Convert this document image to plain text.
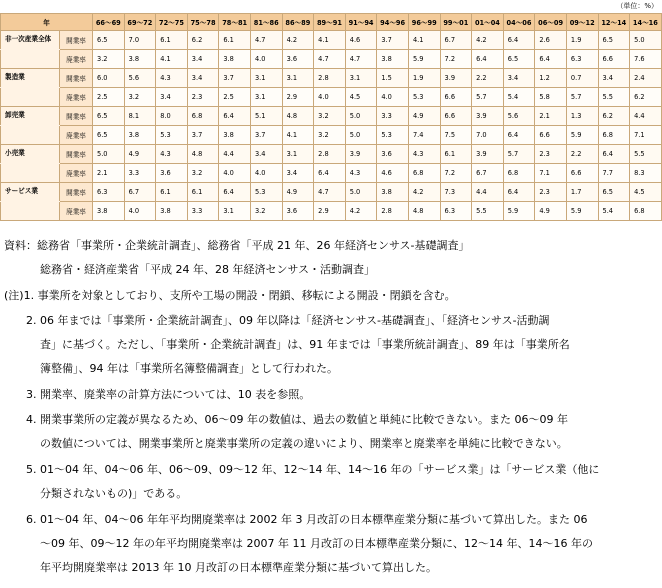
（単位：%）
年		66～69	69～72	72～75	75～78	78～81	81～86	86～89	89～91	91～94	94～96	96～99	99～01	01～04	04～06	06～09	09～12	12～14	14～16
非一次産業全体	開業率	6.5	7.0	6.1	6.2	6.1	4.7	4.2	4.1	4.6	3.7	4.1	6.7	4.2	6.4	2.6	1.9	6.5	5.0
	廃業率	3.2	3.8	4.1	3.4	3.8	4.0	3.6	4.7	4.7	3.8	5.9	7.2	6.4	6.5	6.4	6.3	6.6	7.6
製造業	開業率	6.0	5.6	4.3	3.4	3.7	3.1	3.1	2.8	3.1	1.5	1.9	3.9	2.2	3.4	1.2	0.7	3.4	2.4
	廃業率	2.5	3.2	3.4	2.3	2.5	3.1	2.9	4.0	4.5	4.0	5.3	6.6	5.7	5.4	5.8	5.7	5.5	6.2
卸売業	開業率	6.5	8.1	8.0	6.8	6.4	5.1	4.8	3.2	5.0	3.3	4.9	6.6	3.9	5.6	2.1	1.3	6.2	4.4
	廃業率	6.5	3.8	5.3	3.7	3.8	3.7	4.1	3.2	5.0	5.3	7.4	7.5	7.0	6.4	6.6	5.9	6.8	7.1
小売業	開業率	5.0	4.9	4.3	4.8	4.4	3.4	3.1	2.8	3.9	3.6	4.3	6.1	3.9	5.7	2.3	2.2	6.4	5.5
	廃業率	2.1	3.3	3.6	3.2	4.0	4.0	3.4	6.4	4.3	4.6	6.8	7.2	6.7	6.8	7.1	6.6	7.7	8.3
サービス業	開業率	6.3	6.7	6.1	6.1	6.4	5.3	4.9	4.7	5.0	3.8	4.2	7.3	4.4	6.4	2.3	1.7	6.5	4.5
	廃業率	3.8	4.0	3.8	3.3	3.1	3.2	3.6	2.9	4.2	2.8	4.8	6.3	5.5	5.9	4.9	5.9	5.4	6.8
資料：総務省「事業所・企業統計調査」、総務省「平成 21 年、26 年経済センサス-基礎調査」
総務省・経済産業省「平成 24 年、28 年経済センサス・活動調査」
(注)1. 事業所を対象としており、支所や工場の開設・閉鎖、移転による開設・閉鎖を含む。
2. 06 年までは「事業所・企業統計調査」、09 年以降は「経済センサス-基礎調査」、「経済センサス-活動調
査」に基づく。ただし、「事業所・企業統計調査」は、91 年までは「事業所統計調査」、89 年は「事業所名
簿整備」、94 年は「事業所名簿整備調査」として行われた。
3. 開業率、廃業率の計算方法については、10 表を参照。
4. 開業事業所の定義が異なるため、06～09 年の数値は、過去の数値と単純に比較できない。また 06～09 年
の数値については、開業事業所と廃業事業所の定義の違いにより、開業率と廃業率を単純に比較できない。
5. 01～04 年、04～06 年、06～09、09～12 年、12～14 年、14～16 年の「サービス業」は「サービス業（他に
分類されないもの)」である。
6. 01～04 年、04～06 年年平均開廃業率は 2002 年 3 月改訂の日本標準産業分類に基づいて算出した。また 06
～09 年、09～12 年の年平均開廃業率は 2007 年 11 月改訂の日本標準産業分類に、12～14 年、14～16 年の
年平均開廃業率は 2013 年 10 月改訂の日本標準産業分類に基づいて算出した。
